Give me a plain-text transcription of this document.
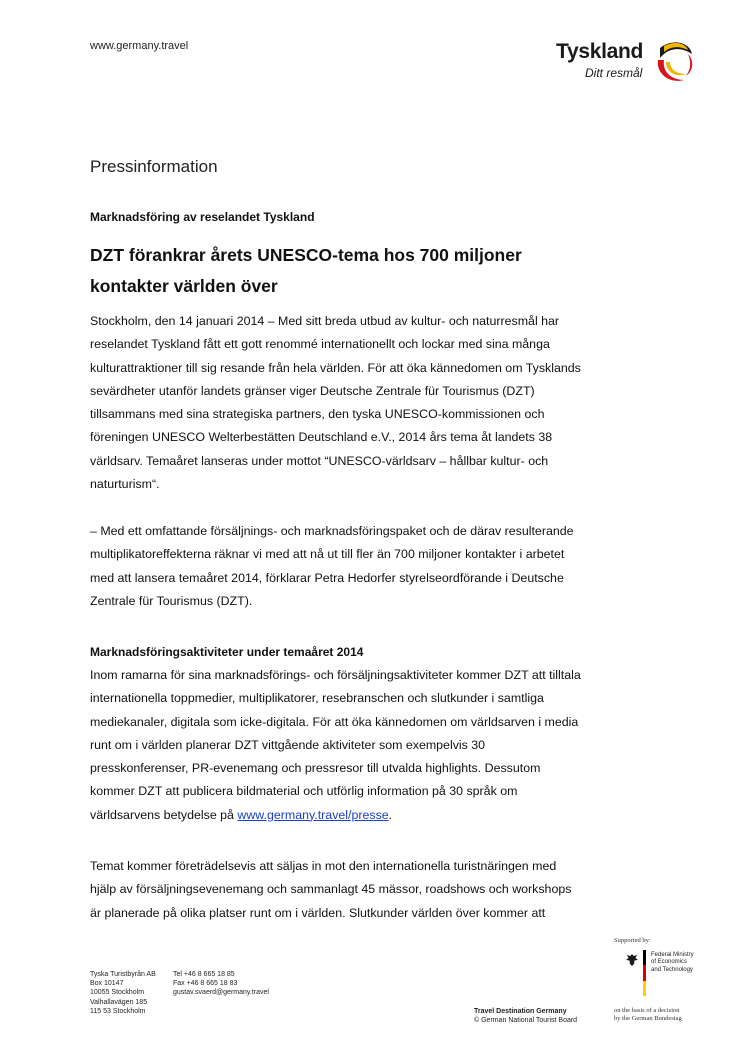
www.germany.travel	Tyskland
Ditt resmål
Pressinformation
Marknadsföring av reselandet Tyskland
DZT förankrar årets UNESCO-tema hos 700 miljoner
kontakter världen över
Stockholm, den 14 januari 2014 – Med sitt breda utbud av kultur- och naturresmål har
reselandet Tyskland fått ett gott renommé internationellt och lockar med sina många
kulturattraktioner till sig resande från hela världen. För att öka kännedomen om Tysklands
sevärdheter utanför landets gränser viger Deutsche Zentrale für Tourismus (DZT)
tillsammans med sina strategiska partners, den tyska UNESCO-kommissionen och
föreningen UNESCO Welterbestätten Deutschland e.V., 2014 års tema åt landets 38
världsarv. Temaåret lanseras under mottot “UNESCO-världsarv – hållbar kultur- och
naturturism“.
– Med ett omfattande försäljnings- och marknadsföringspaket och de därav resulterande
multiplikatoreffekterna räknar vi med att nå ut till fler än 700 miljoner kontakter i arbetet
med att lansera temaåret 2014, förklarar Petra Hedorfer styrelseordförande i Deutsche
Zentrale für Tourismus (DZT).
Marknadsföringsaktiviteter under temaåret 2014
Inom ramarna för sina marknadsförings- och försäljningsaktiviteter kommer DZT att tilltala
internationella toppmedier, multiplikatorer, resebranschen och slutkunder i samtliga
mediekanaler, digitala som icke-digitala. För att öka kännedomen om världsarven i media
runt om i världen planerar DZT vittgående aktiviteter som exempelvis 30
presskonferenser, PR-evenemang och pressresor till utvalda highlights. Dessutom
kommer DZT att publicera bildmaterial och utförlig information på 30 språk om
världsarvens betydelse på www.germany.travel/presse.
Temat kommer företrädelsevis att säljas in mot den internationella turistnäringen med
hjälp av försäljningsevenemang och sammanlagt 45 mässor, roadshows och workshops
är planerade på olika platser runt om i världen. Slutkunder världen över kommer att
Tyska Turistbyrån AB
Box 10147
10055 Stockholm
Valhallavägen 185
115 53 Stockholm
Tel +46 8 665 18 85
Fax +46 8 665 18 83
gustav.svaerd@germany.travel
Travel Destination Germany
© German National Tourist Board
Supported by:
Federal Ministry
of Economics
and Technology
on the basis of a decision
by the German Bundestag
